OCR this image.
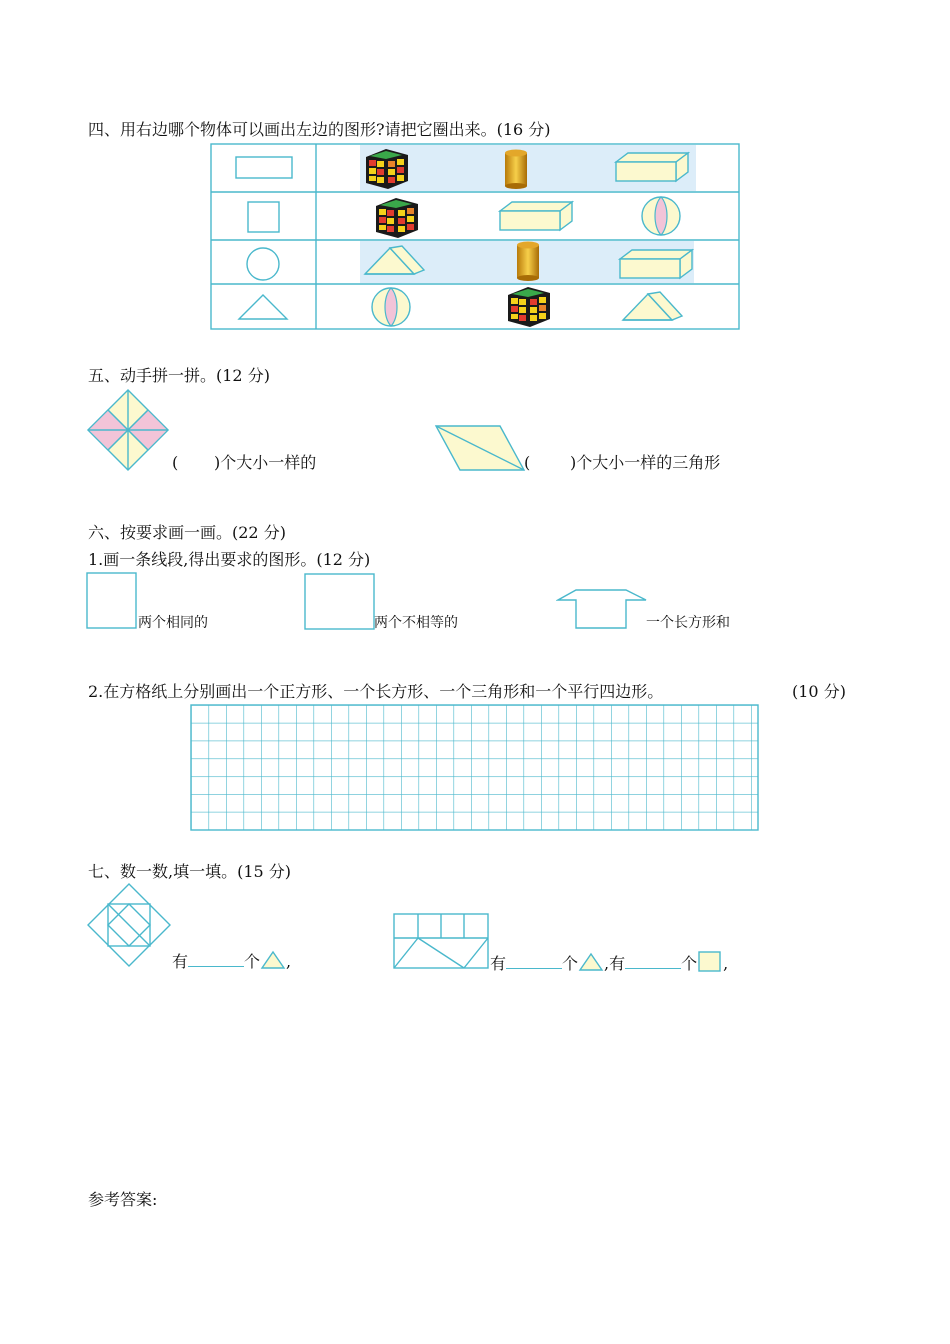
四、用右边哪个物体可以画出左边的图形?请把它圈出来。(16 分)
五、动手拼一拼。(12 分)
( )个大小一样的	( )个大小一样的三角形
六、按要求画一画。(22 分)
1.画一条线段,得出要求的图形。(12 分)
两个相同的	两个不相等的	一个长方形和
2.在方格纸上分别画出一个正方形、一个长方形、一个三角形和一个平行四边形。	(10 分)
七、数一数,填一填。(15 分)
有	个 ,	有	个 ,有	个 ,
参考答案:
